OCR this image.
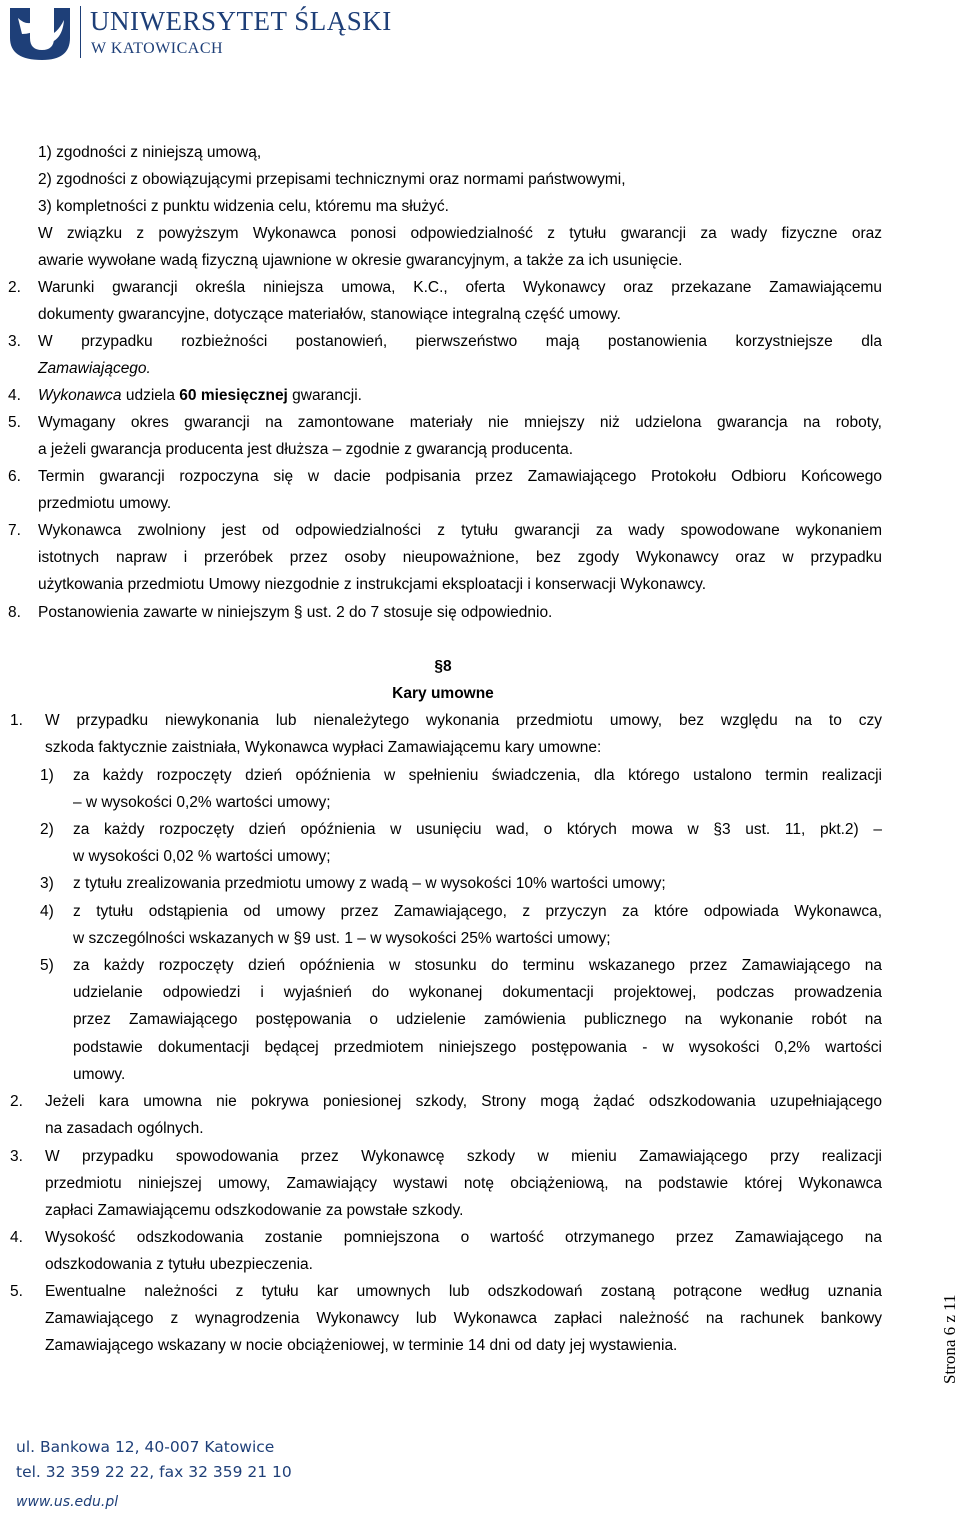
UNIWERSYTET ŚLĄSKI
W KATOWICACH
1) zgodności z niniejszą umową,
2) zgodności z obowiązującymi przepisami technicznymi oraz normami państwowymi,
3) kompletności z punktu widzenia celu, któremu ma służyć.
W związku z powyższym Wykonawca ponosi odpowiedzialność z tytułu gwarancji za wady fizyczne oraz
awarie wywołane wadą fizyczną ujawnione w okresie gwarancyjnym, a także za ich usunięcie.
2. Warunki gwarancji określa niniejsza umowa, K.C., oferta Wykonawcy oraz przekazane Zamawiającemu
dokumenty gwarancyjne, dotyczące materiałów, stanowiące integralną część umowy.
3. W przypadku rozbieżności postanowień, pierwszeństwo mają postanowienia korzystniejsze dla
Zamawiającego.
4. Wykonawca udziela 60 miesięcznej gwarancji.
5. Wymagany okres gwarancji na zamontowane materiały nie mniejszy niż udzielona gwarancja na roboty,
a jeżeli gwarancja producenta jest dłuższa – zgodnie z gwarancją producenta.
6. Termin gwarancji rozpoczyna się w dacie podpisania przez Zamawiającego Protokołu Odbioru Końcowego
przedmiotu umowy.
7. Wykonawca zwolniony jest od odpowiedzialności z tytułu gwarancji za wady spowodowane wykonaniem
istotnych napraw i przeróbek przez osoby nieupoważnione, bez zgody Wykonawcy oraz w przypadku
użytkowania przedmiotu Umowy niezgodnie z instrukcjami eksploatacji i konserwacji Wykonawcy.
8. Postanowienia zawarte w niniejszym § ust. 2 do 7 stosuje się odpowiednio.
§8
Kary umowne
1. W przypadku niewykonania lub nienależytego wykonania przedmiotu umowy, bez względu na to czy
szkoda faktycznie zaistniała, Wykonawca wypłaci Zamawiającemu kary umowne:
1) za każdy rozpoczęty dzień opóźnienia w spełnieniu świadczenia, dla którego ustalono termin realizacji
– w wysokości 0,2% wartości umowy;
2) za każdy rozpoczęty dzień opóźnienia w usunięciu wad, o których mowa w §3 ust. 11, pkt.2) –
w wysokości 0,02 % wartości umowy;
3) z tytułu zrealizowania przedmiotu umowy z wadą – w wysokości 10% wartości umowy;
4) z tytułu odstąpienia od umowy przez Zamawiającego, z przyczyn za które odpowiada Wykonawca,
w szczególności wskazanych w §9 ust. 1 – w wysokości 25% wartości umowy;
5) za każdy rozpoczęty dzień opóźnienia w stosunku do terminu wskazanego przez Zamawiającego na
udzielanie odpowiedzi i wyjaśnień do wykonanej dokumentacji projektowej, podczas prowadzenia
przez Zamawiającego postępowania o udzielenie zamówienia publicznego na wykonanie robót na
podstawie dokumentacji będącej przedmiotem niniejszego postępowania - w wysokości 0,2% wartości
umowy.
2. Jeżeli kara umowna nie pokrywa poniesionej szkody, Strony mogą żądać odszkodowania uzupełniającego
na zasadach ogólnych.
3. W przypadku spowodowania przez Wykonawcę szkody w mieniu Zamawiającego przy realizacji
przedmiotu niniejszej umowy, Zamawiający wystawi notę obciążeniową, na podstawie której Wykonawca
zapłaci Zamawiającemu odszkodowanie za powstałe szkody.
4. Wysokość odszkodowania zostanie pomniejszona o wartość otrzymanego przez Zamawiającego na
odszkodowania z tytułu ubezpieczenia.
5. Ewentualne należności z tytułu kar umownych lub odszkodowań zostaną potrącone według uznania
Zamawiającego z wynagrodzenia Wykonawcy lub Wykonawca zapłaci należność na rachunek bankowy
Zamawiającego wskazany w nocie obciążeniowej, w terminie 14 dni od daty jej wystawienia.	Strona 6 z 11
ul. Bankowa 12, 40-007 Katowice
tel. 32 359 22 22, fax 32 359 21 10
www.us.edu.pl
